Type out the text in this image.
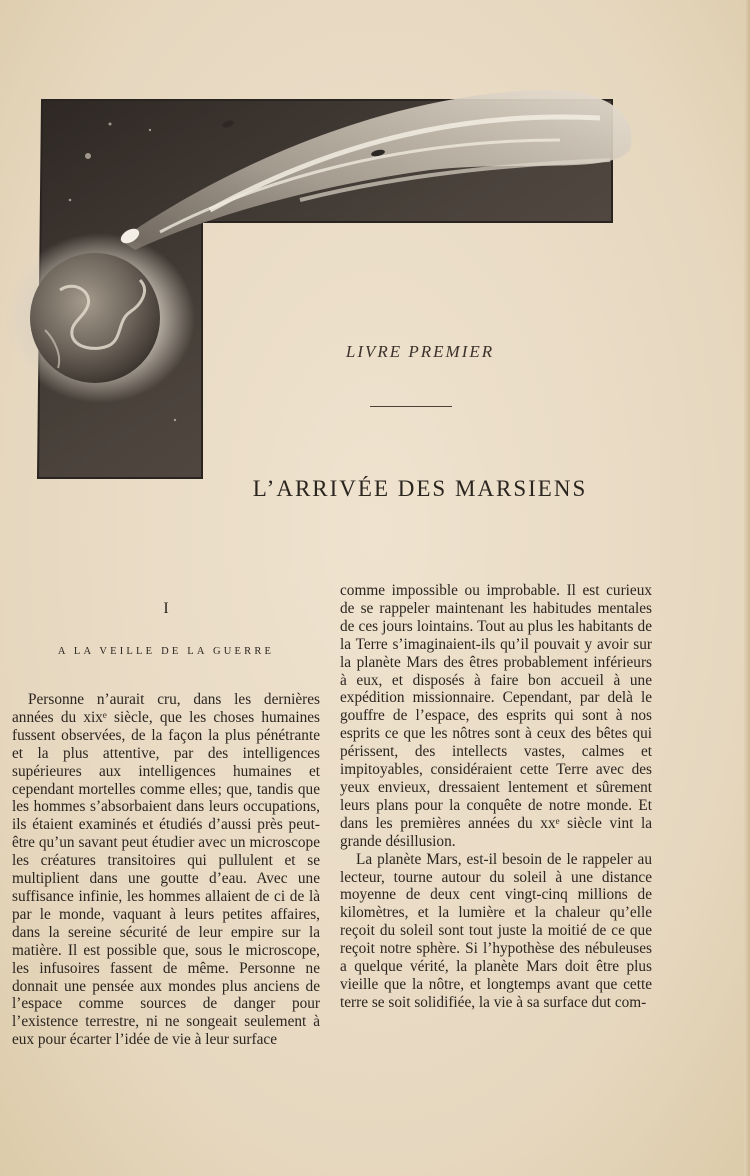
LIVRE PREMIER
L’ARRIVÉE DES MARSIENS
I
A LA VEILLE DE LA GUERRE

Personne n’aurait cru, dans les dernières années du xixᵉ siècle, que les choses humaines fussent observées, de la façon la plus pénétrante et la plus attentive, par des intelligences supérieures aux intelligences humaines et cependant mortelles comme elles; que, tandis que les hommes s’absorbaient dans leurs occupations, ils étaient examinés et étudiés d’aussi près peut-être qu’un savant peut étudier avec un microscope les créatures transitoires qui pullulent et se multiplient dans une goutte d’eau. Avec une suffisance infinie, les hommes allaient de ci de là par le monde, vaquant à leurs petites affaires, dans la sereine sécurité de leur empire sur la matière. Il est possible que, sous le microscope, les infusoires fassent de même. Personne ne donnait une pensée aux mondes plus anciens de l’espace comme sources de danger pour l’existence terrestre, ni ne songeait seulement à eux pour écarter l’idée de vie à leur surface

comme impossible ou improbable. Il est curieux de se rappeler maintenant les habitudes mentales de ces jours lointains. Tout au plus les habitants de la Terre s’imaginaient-ils qu’il pouvait y avoir sur la planète Mars des êtres probablement inférieurs à eux, et disposés à faire bon accueil à une expédition missionnaire. Cependant, par delà le gouffre de l’espace, des esprits qui sont à nos esprits ce que les nôtres sont à ceux des bêtes qui périssent, des intellects vastes, calmes et impitoyables, considéraient cette Terre avec des yeux envieux, dressaient lentement et sûrement leurs plans pour la conquête de notre monde. Et dans les premières années du xxᵉ siècle vint la grande désillusion.

La planète Mars, est-il besoin de le rappeler au lecteur, tourne autour du soleil à une distance moyenne de deux cent vingt-cinq millions de kilomètres, et la lumière et la chaleur qu’elle reçoit du soleil sont tout juste la moitié de ce que reçoit notre sphère. Si l’hypothèse des nébuleuses a quelque vérité, la planète Mars doit être plus vieille que la nôtre, et longtemps avant que cette terre se soit solidifiée, la vie à sa surface dut com-
